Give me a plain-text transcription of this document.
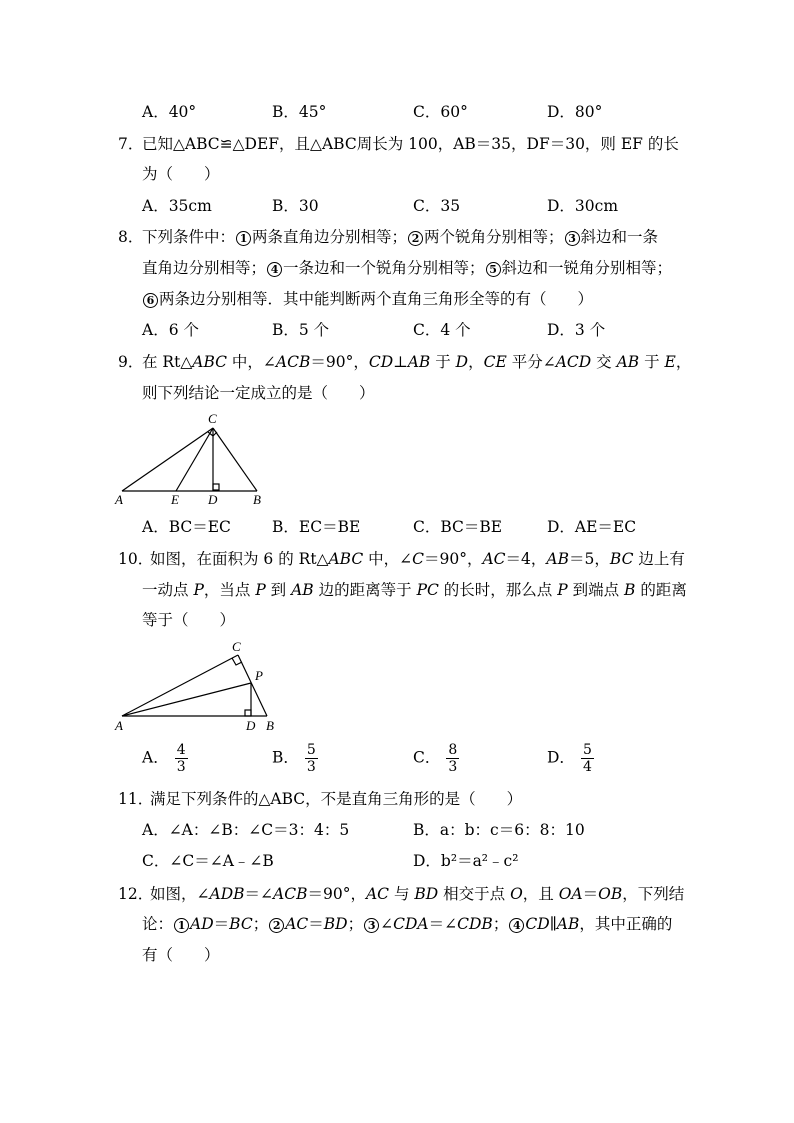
A．40°	B．45°	C．60°	D．80°
7．
已知△ABC≌△DEF，且△ABC周长为 100，AB＝35，DF＝30，则 EF 的长
为（　　）
A．35cm	B．30	C．35	D．30cm
8．
下列条件中： 1 两条直角边分别相等； 2 两个锐角分别相等； 3 斜边和一条
直角边分别相等； 4 一条边和一个锐角分别相等； 5 斜边和一锐角分别相等；
6 两条边分别相等．其中能判断两个直角三角形全等的有（　　）
A．6 个	B．5 个	C．4 个	D．3 个
9．
在 Rt△ABC 中，∠ACB＝90°，CD⊥AB 于 D，CE 平分∠ACD 交 AB 于 E，
则下列结论一定成立的是（　　）
C
A	E D	B
A．BC＝EC	B．EC＝BE	C．BC＝BE	D．AE＝EC
10．
如图，在面积为 6 的 Rt△ABC 中，∠C＝90°，AC＝4，AB＝5，BC 边上有
一动点 P，当点 P 到 AB 边的距离等于 PC 的长时，那么点 P 到端点 B 的距离
等于（　　）
C
P
A	D B
A． $\frac{4}{3}$	B． $\frac{5}{3}$	C． $\frac{8}{3}$	D． $\frac{5}{4}$
11．
满足下列条件的△ABC，不是直角三角形的是（　　）
A．∠A：∠B：∠C＝3：4：5	B．a：b：c＝6：8：10
C．∠C＝∠A﹣∠B	D．b²＝a²﹣c²
12．
如图，∠ADB＝∠ACB＝90°，AC 与 BD 相交于点 O，且 OA＝OB，下列结
论： 1 AD＝BC； 2 AC＝BD； 3 ∠CDA＝∠CDB； 4 CD∥AB，其中正确的
有（　　）
